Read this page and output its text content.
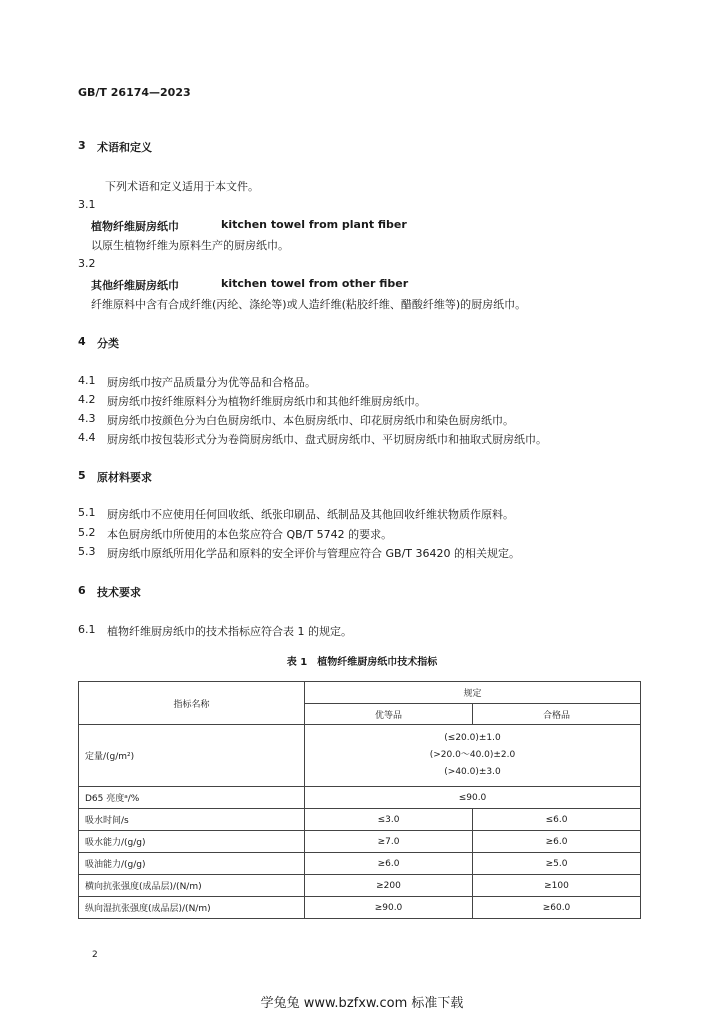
GB/T 26174—2023
3 术语和定义
下列术语和定义适用于本文件。
3.1
植物纤维厨房纸巾	kitchen towel from plant fiber
以原生植物纤维为原料生产的厨房纸巾。
3.2
其他纤维厨房纸巾	kitchen towel from other fiber
纤维原料中含有合成纤维(丙纶、涤纶等)或人造纤维(粘胶纤维、醋酸纤维等)的厨房纸巾。
4 分类
4.1 厨房纸巾按产品质量分为优等品和合格品。
4.2 厨房纸巾按纤维原料分为植物纤维厨房纸巾和其他纤维厨房纸巾。
4.3 厨房纸巾按颜色分为白色厨房纸巾、本色厨房纸巾、印花厨房纸巾和染色厨房纸巾。
4.4 厨房纸巾按包装形式分为卷筒厨房纸巾、盘式厨房纸巾、平切厨房纸巾和抽取式厨房纸巾。
5 原材料要求
5.1 厨房纸巾不应使用任何回收纸、纸张印刷品、纸制品及其他回收纤维状物质作原料。
5.2 本色厨房纸巾所使用的本色浆应符合 QB/T 5742 的要求。
5.3 厨房纸巾原纸所用化学品和原料的安全评价与管理应符合 GB/T 36420 的相关规定。
6 技术要求
6.1 植物纤维厨房纸巾的技术指标应符合表 1 的规定。
表 1　植物纤维厨房纸巾技术指标
指标名称	规定	
	优等品	合格品
定量/(g/m²)	(≤20.0)±1.0
(>20.0～40.0)±2.0
(>40.0)±3.0	

D65 亮度ᵃ/%	≤90.0	
吸水时间/s	≤3.0	≤6.0
吸水能力/(g/g)	≥7.0	≥6.0
吸油能力/(g/g)	≥6.0	≥5.0
横向抗张强度(成品层)/(N/m)	≥200	≥100
纵向湿抗张强度(成品层)/(N/m)	≥90.0	≥60.0
2
学兔兔 www.bzfxw.com 标准下载
